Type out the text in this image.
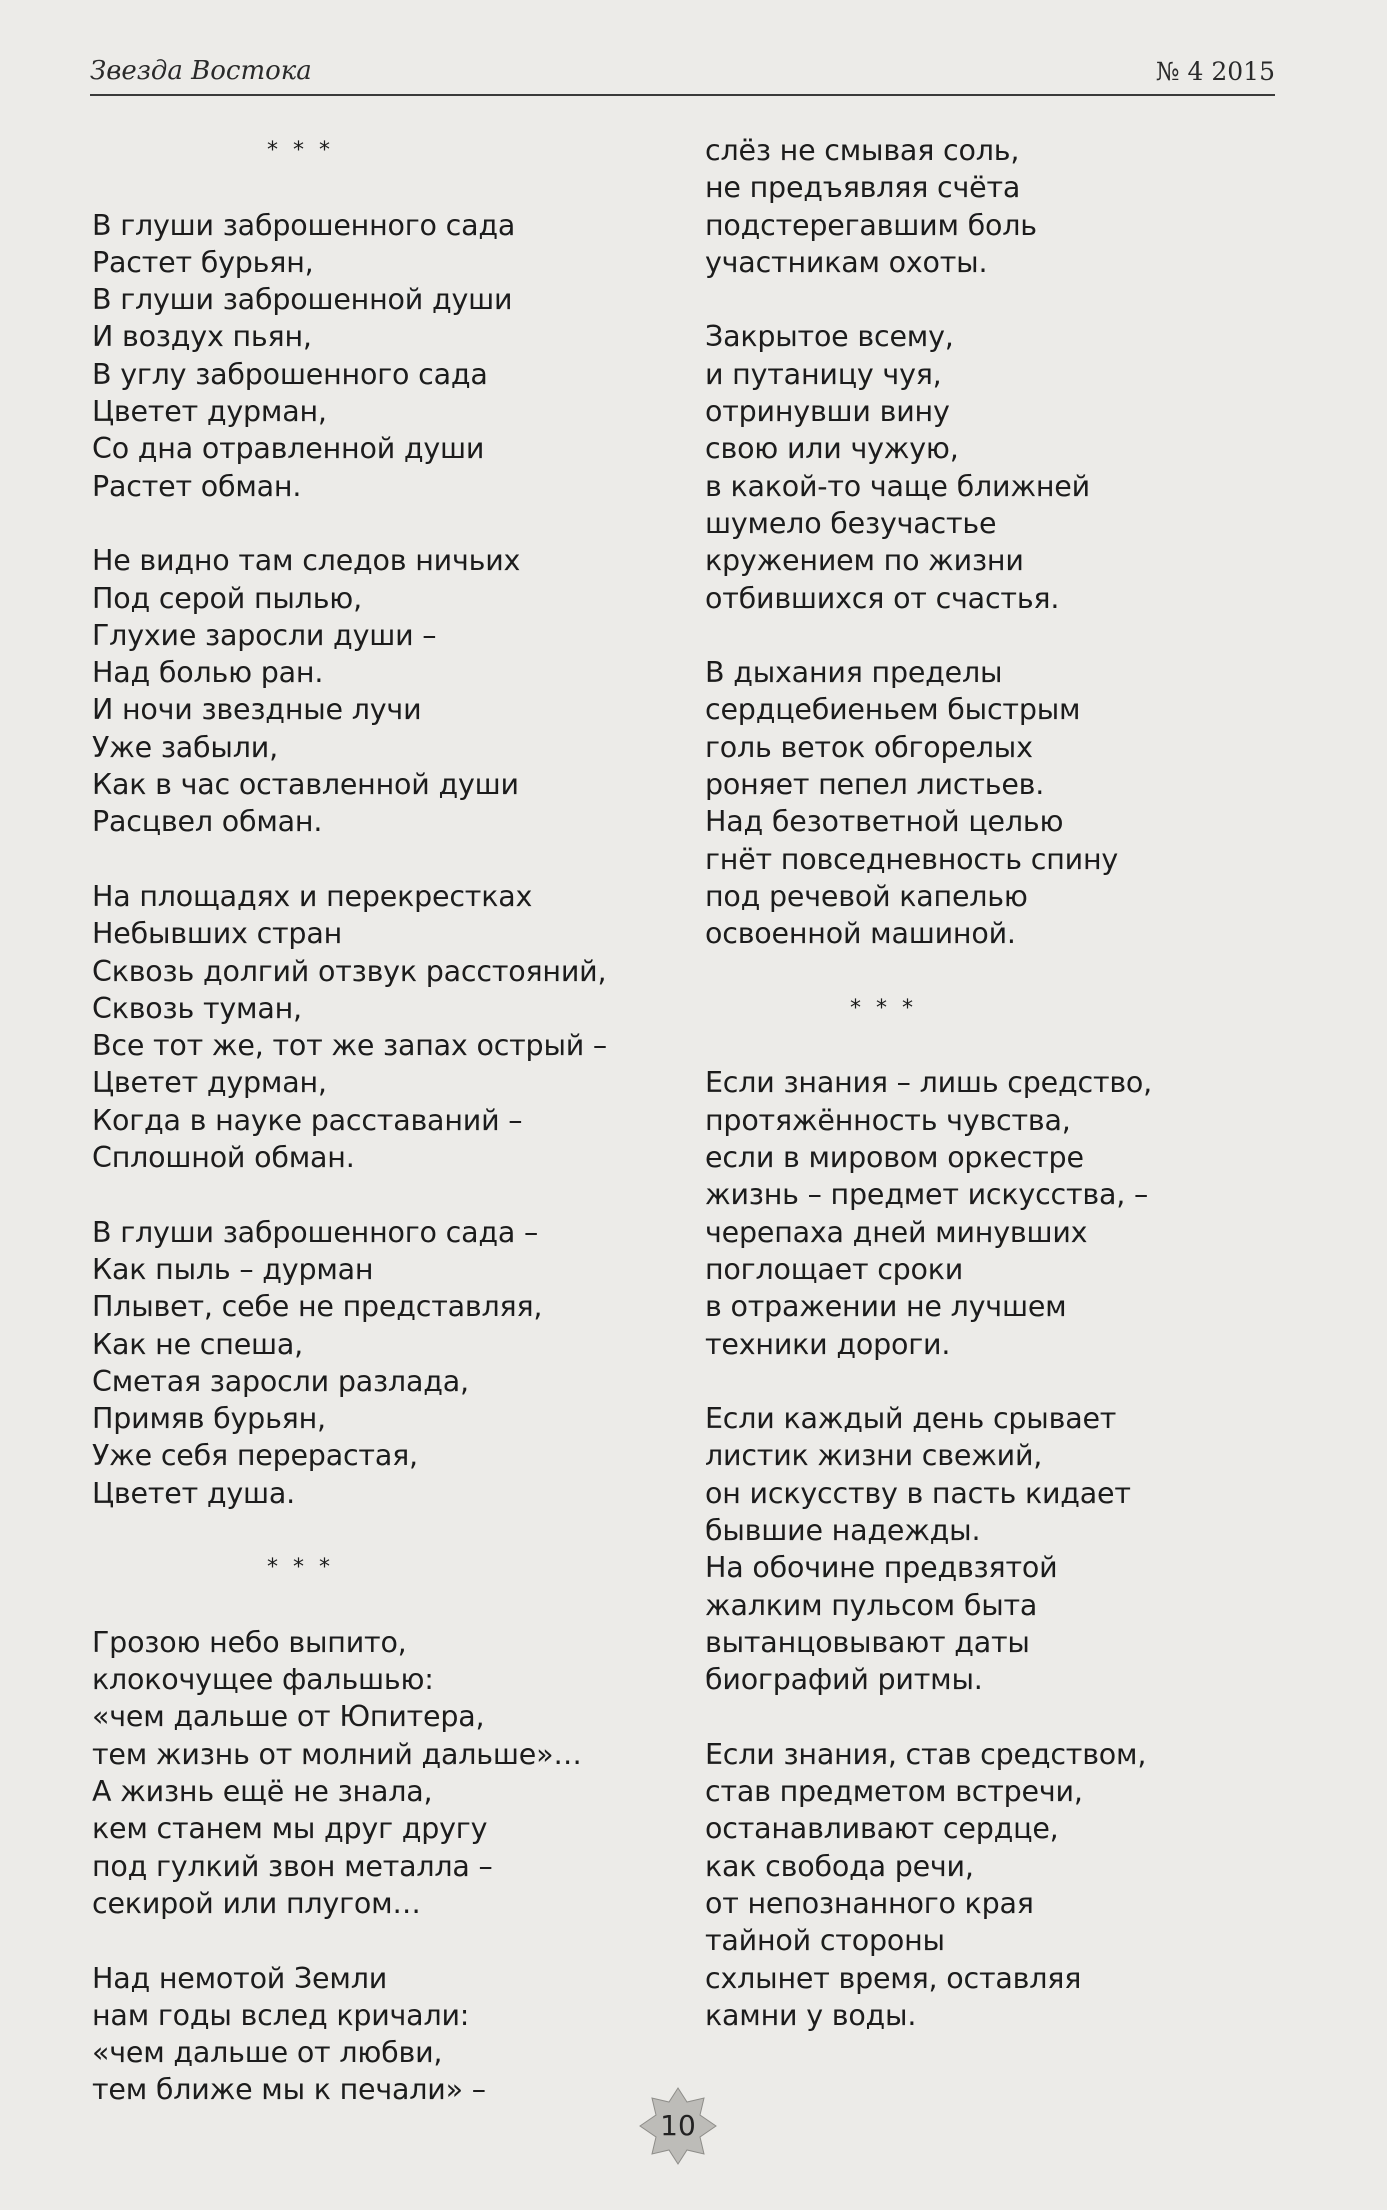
Звезда Востока	№ 4 2015
* * *
В глуши заброшенного сада
Растет бурьян,
В глуши заброшенной души
И воздух пьян,
В углу заброшенного сада
Цветет дурман,
Со дна отравленной души
Растет обман.
Не видно там следов ничьих
Под серой пылью,
Глухие заросли души –
Над болью ран.
И ночи звездные лучи
Уже забыли,
Как в час оставленной души
Расцвел обман.
На площадях и перекрестках
Небывших стран
Сквозь долгий отзвук расстояний,
Сквозь туман,
Все тот же, тот же запах острый –
Цветет дурман,
Когда в науке расставаний –
Сплошной обман.
В глуши заброшенного сада –
Как пыль – дурман
Плывет, себе не представляя,
Как не спеша,
Сметая заросли разлада,
Примяв бурьян,
Уже себя перерастая,
Цветет душа.
* * *
Грозою небо выпито,
клокочущее фальшью:
«чем дальше от Юпитера,
тем жизнь от молний дальше»…
А жизнь ещё не знала,
кем станем мы друг другу
под гулкий звон металла –
секирой или плугом…
Над немотой Земли
нам годы вслед кричали:
«чем дальше от любви,
тем ближе мы к печали» –
слёз не смывая соль,
не предъявляя счёта
подстерегавшим боль
участникам охоты.
Закрытое всему,
и путаницу чуя,
отринувши вину
свою или чужую,
в какой-то чаще ближней
шумело безучастье
кружением по жизни
отбившихся от счастья.
В дыхания пределы
сердцебиеньем быстрым
голь веток обгорелых
роняет пепел листьев.
Над безответной целью
гнёт повседневность спину
под речевой капелью
освоенной машиной.
* * *
Если знания – лишь средство,
протяжённость чувства,
если в мировом оркестре
жизнь – предмет искусства, –
черепаха дней минувших
поглощает сроки
в отражении не лучшем
техники дороги.
Если каждый день срывает
листик жизни свежий,
он искусству в пасть кидает
бывшие надежды.
На обочине предвзятой
жалким пульсом быта
вытанцовывают даты
биографий ритмы.
Если знания, став средством,
став предметом встречи,
останавливают сердце,
как свобода речи,
от непознанного края
тайной стороны
схлынет время, оставляя
камни у воды.
10
